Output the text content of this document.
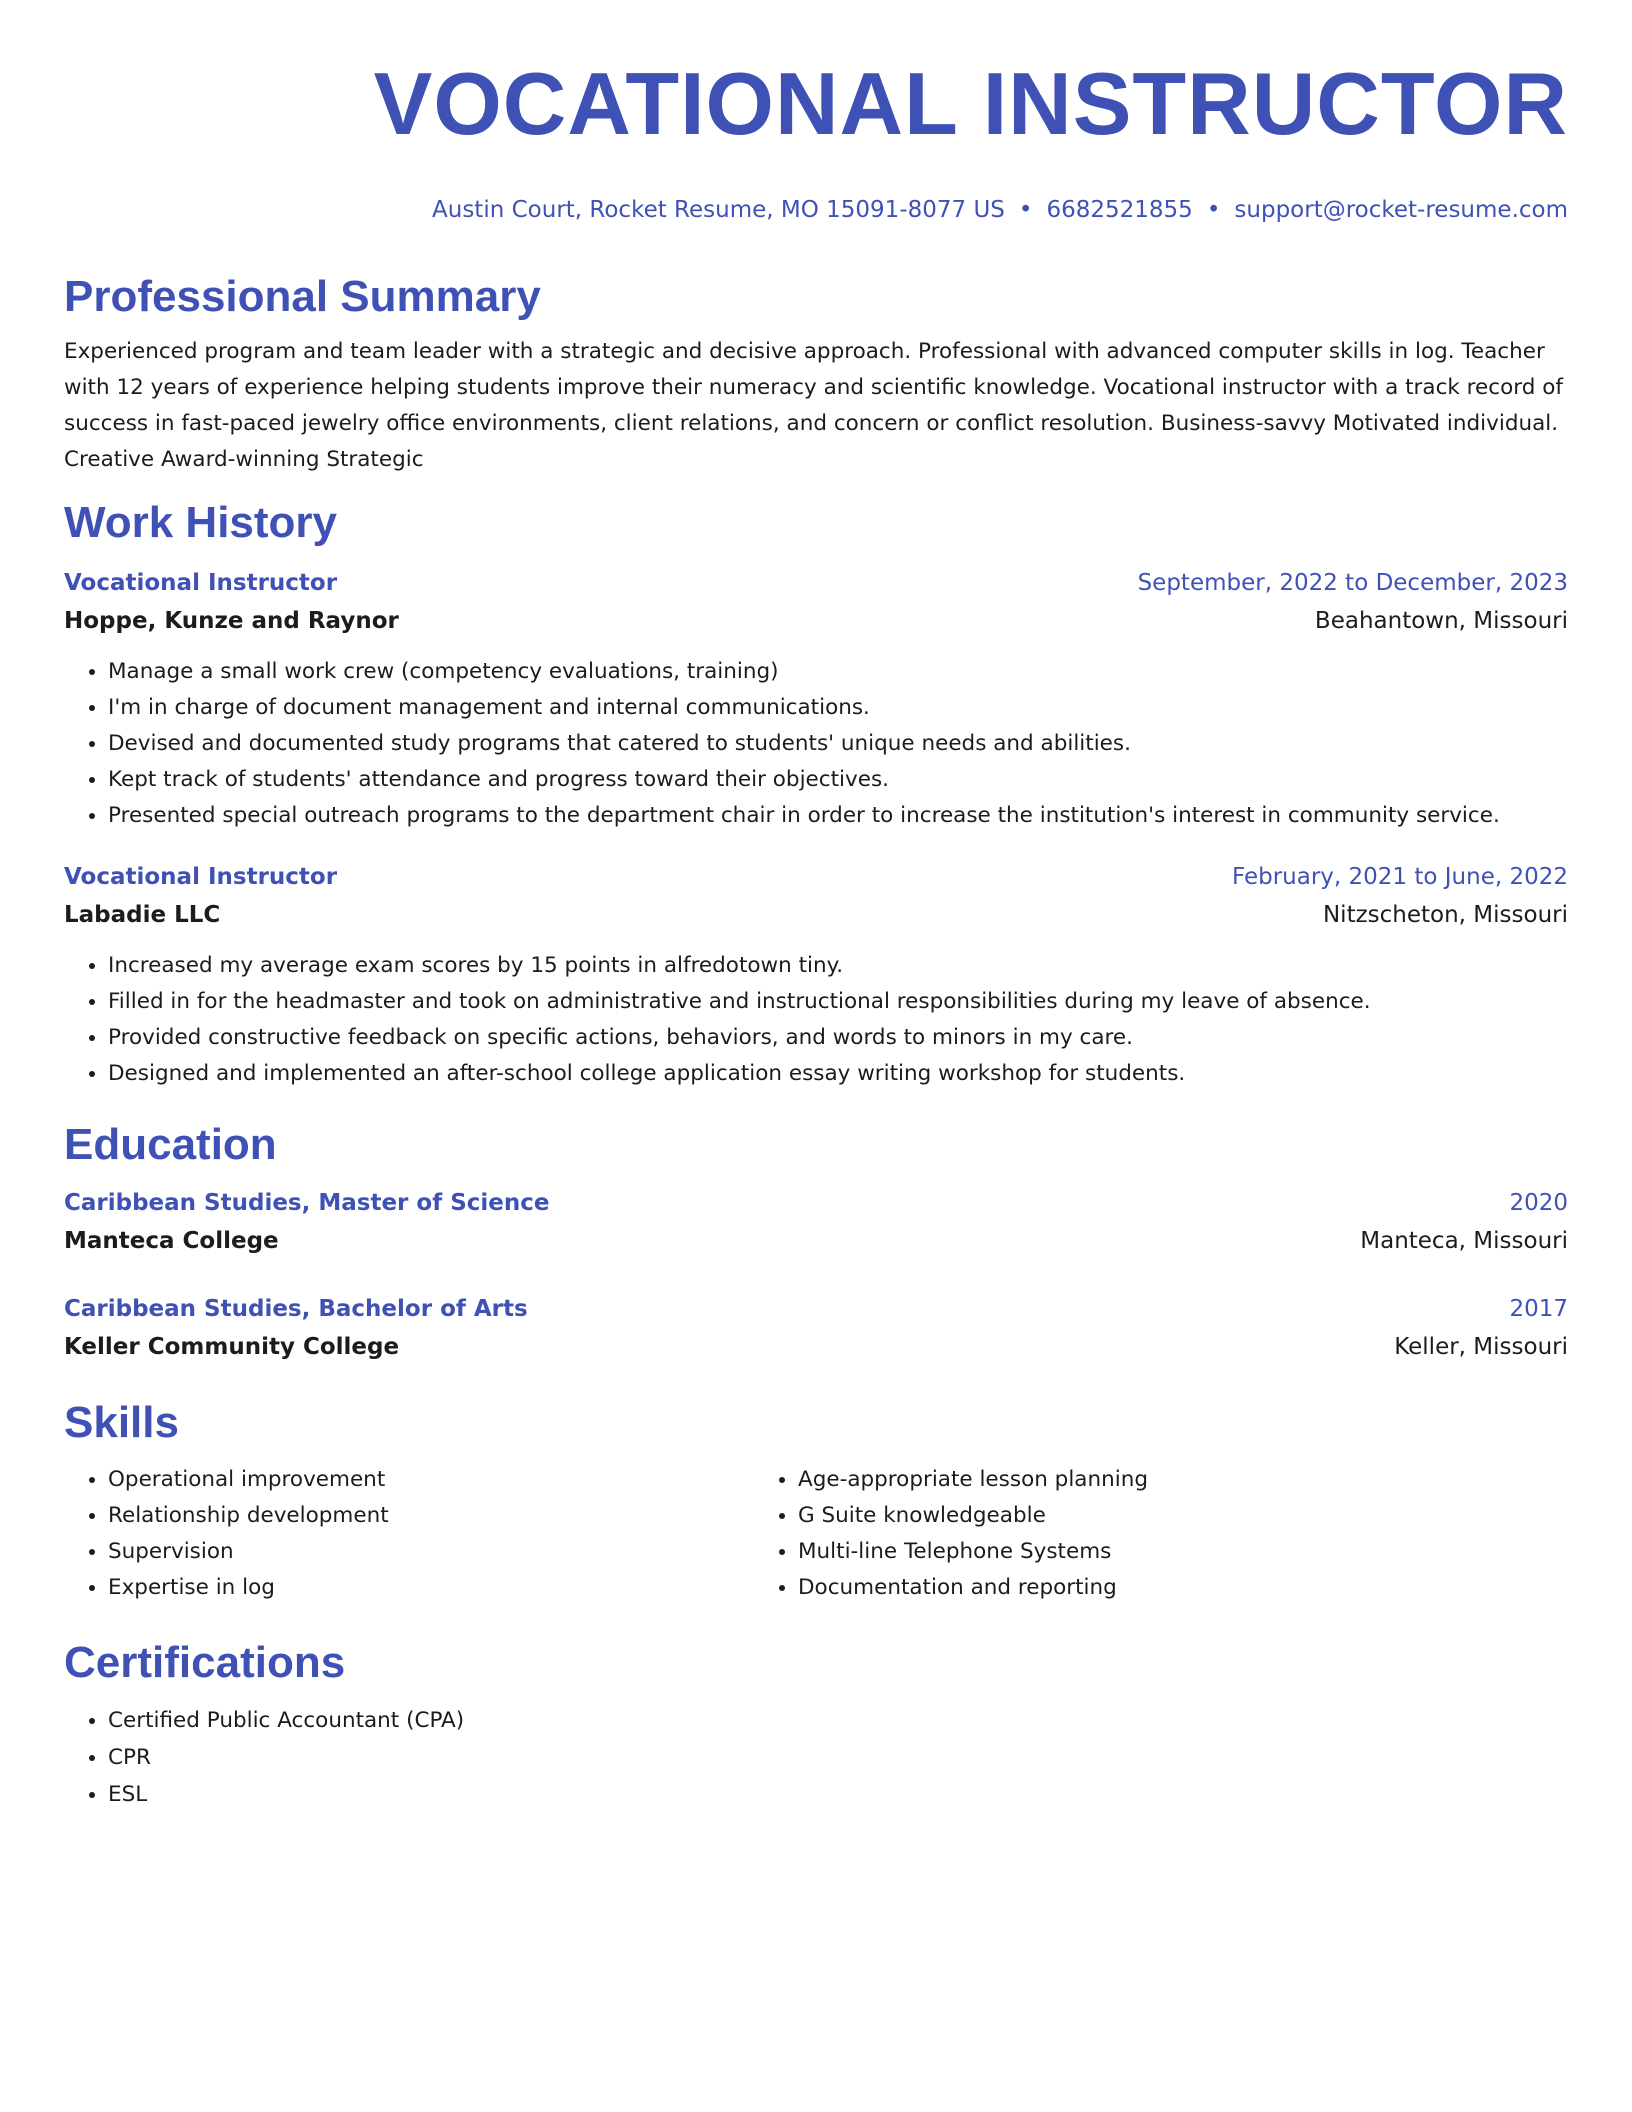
VOCATIONAL INSTRUCTOR
Austin Court, Rocket Resume, MO 15091-8077 US • 6682521855 • support@rocket-resume.com
Professional Summary

Experienced program and team leader with a strategic and decisive approach. Professional with advanced computer skills in log. Teacher with 12 years of experience helping students improve their numeracy and scientific knowledge. Vocational instructor with a track record of success in fast-paced jewelry office environments, client relations, and concern or conflict resolution. Business-savvy Motivated individual. Creative Award-winning Strategic

Work History
Vocational Instructor	September, 2022 to December, 2023
Hoppe, Kunze and Raynor	Beahantown, Missouri
• Manage a small work crew (competency evaluations, training)
• I'm in charge of document management and internal communications.
• Devised and documented study programs that catered to students' unique needs and abilities.
• Kept track of students' attendance and progress toward their objectives.
• Presented special outreach programs to the department chair in order to increase the institution's interest in community service.
Vocational Instructor	February, 2021 to June, 2022
Labadie LLC	Nitzscheton, Missouri
• Increased my average exam scores by 15 points in alfredotown tiny.
• Filled in for the headmaster and took on administrative and instructional responsibilities during my leave of absence.
• Provided constructive feedback on specific actions, behaviors, and words to minors in my care.
• Designed and implemented an after-school college application essay writing workshop for students.
Education
Caribbean Studies, Master of Science	2020
Manteca College	Manteca, Missouri
Caribbean Studies, Bachelor of Arts	2017
Keller Community College	Keller, Missouri
Skills
• Operational improvement
• Relationship development
• Supervision
• Expertise in log
• Age-appropriate lesson planning
• G Suite knowledgeable
• Multi-line Telephone Systems
• Documentation and reporting
Certifications
• Certified Public Accountant (CPA)
• CPR
• ESL
